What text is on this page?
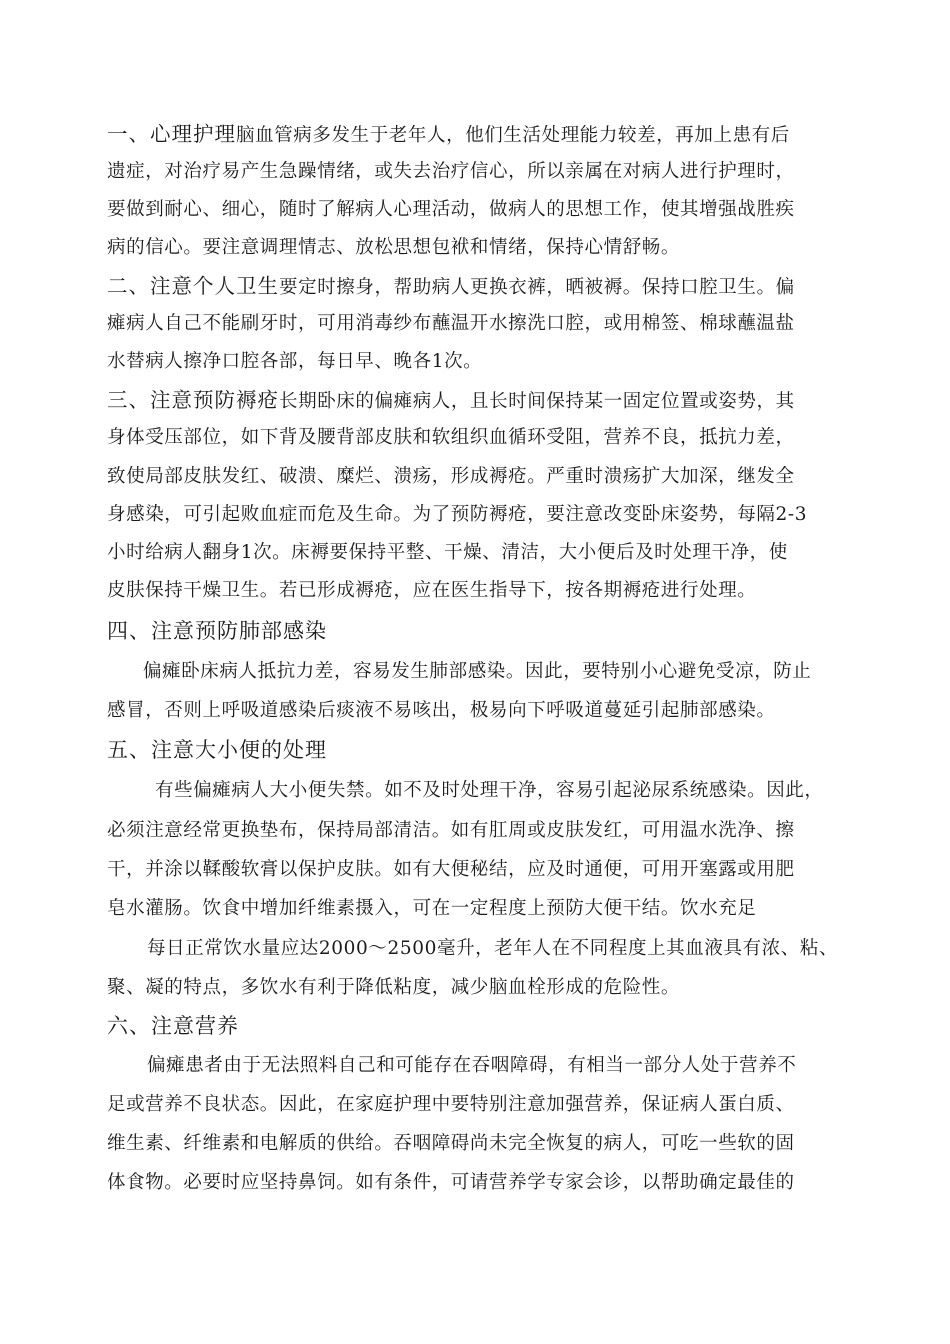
一、心理护理脑血管病多发生于老年人，他们生活处理能力较差，再加上患有后
遗症，对治疗易产生急躁情绪，或失去治疗信心，所以亲属在对病人进行护理时，
要做到耐心、细心，随时了解病人心理活动，做病人的思想工作，使其增强战胜疾
病的信心。要注意调理情志、放松思想包袱和情绪，保持心情舒畅。
二、注意个人卫生要定时擦身，帮助病人更换衣裤，晒被褥。保持口腔卫生。偏
瘫病人自己不能刷牙时，可用消毒纱布蘸温开水擦洗口腔，或用棉签、棉球蘸温盐
水替病人擦净口腔各部，每日早、晚各1次。
三、注意预防褥疮长期卧床的偏瘫病人，且长时间保持某一固定位置或姿势，其
身体受压部位，如下背及腰背部皮肤和软组织血循环受阻，营养不良，抵抗力差，
致使局部皮肤发红、破溃、糜烂、溃疡，形成褥疮。严重时溃疡扩大加深，继发全
身感染，可引起败血症而危及生命。为了预防褥疮，要注意改变卧床姿势，每隔2-3
小时给病人翻身1次。床褥要保持平整、干燥、清洁，大小便后及时处理干净，使
皮肤保持干燥卫生。若已形成褥疮，应在医生指导下，按各期褥疮进行处理。
四、注意预防肺部感染
偏瘫卧床病人抵抗力差，容易发生肺部感染。因此，要特别小心避免受凉，防止
感冒，否则上呼吸道感染后痰液不易咳出，极易向下呼吸道蔓延引起肺部感染。
五、注意大小便的处理
有些偏瘫病人大小便失禁。如不及时处理干净，容易引起泌尿系统感染。因此，
必须注意经常更换垫布，保持局部清洁。如有肛周或皮肤发红，可用温水洗净、擦
干，并涂以鞣酸软膏以保护皮肤。如有大便秘结，应及时通便，可用开塞露或用肥
皂水灌肠。饮食中增加纤维素摄入，可在一定程度上预防大便干结。饮水充足
每日正常饮水量应达2000～2500毫升，老年人在不同程度上其血液具有浓、粘、
聚、凝的特点，多饮水有利于降低粘度，减少脑血栓形成的危险性。
六、注意营养
偏瘫患者由于无法照料自己和可能存在吞咽障碍，有相当一部分人处于营养不
足或营养不良状态。因此，在家庭护理中要特别注意加强营养，保证病人蛋白质、
维生素、纤维素和电解质的供给。吞咽障碍尚未完全恢复的病人，可吃一些软的固
体食物。必要时应坚持鼻饲。如有条件，可请营养学专家会诊，以帮助确定最佳的
